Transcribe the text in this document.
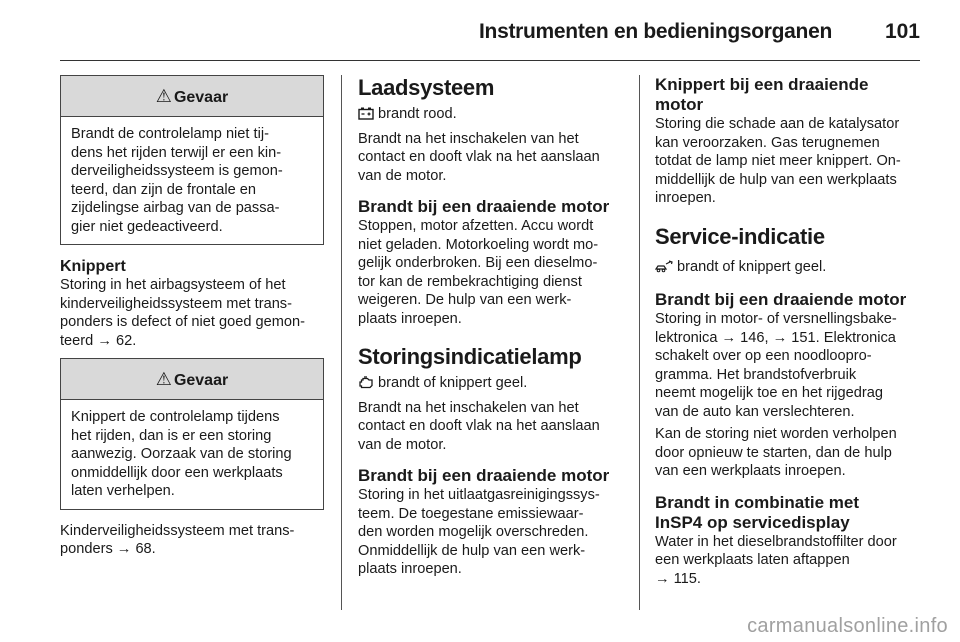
Instrumenten en bedieningsorganen	101
⚠ Gevaar
Brandt de controlelamp niet tij-
dens het rijden terwijl er een kin-
derveiligheidssysteem is gemon-
teerd, dan zijn de frontale en
zijdelingse airbag van de passa-
gier niet gedeactiveerd.

Knippert

Storing in het airbagsysteem of het
kinderveiligheidssysteem met trans-
ponders is defect of niet goed gemon-
teerd → 62.
⚠ Gevaar
Knippert de controlelamp tijdens
het rijden, dan is er een storing
aanwezig. Oorzaak van de storing
onmiddellijk door een werkplaats
laten verhelpen.
Kinderveiligheidssysteem met trans-
ponders → 68.

Laadsysteem

brandt rood.
Brandt na het inschakelen van het
contact en dooft vlak na het aanslaan
van de motor.

Brandt bij een draaiende motor

Stoppen, motor afzetten. Accu wordt
niet geladen. Motorkoeling wordt mo-
gelijk onderbroken. Bij een dieselmo-
tor kan de rembekrachtiging dienst
weigeren. De hulp van een werk-
plaats inroepen.

Storingsindicatielamp

brandt of knippert geel.
Brandt na het inschakelen van het
contact en dooft vlak na het aanslaan
van de motor.

Brandt bij een draaiende motor

Storing in het uitlaatgasreinigingssys-
teem. De toegestane emissiewaar-
den worden mogelijk overschreden.
Onmiddellijk de hulp van een werk-
plaats inroepen.
Knippert bij een draaiende
motor
Storing die schade aan de katalysator
kan veroorzaken. Gas terugnemen
totdat de lamp niet meer knippert. On-
middellijk de hulp van een werkplaats
inroepen.

Service-indicatie

brandt of knippert geel.

Brandt bij een draaiende motor

Storing in motor- of versnellingsbake-
lektronica → 146, → 151. Elektronica
schakelt over op een noodloopro-
gramma. Het brandstofverbruik
neemt mogelijk toe en het rijgedrag
van de auto kan verslechteren.
Kan de storing niet worden verholpen
door opnieuw te starten, dan de hulp
van een werkplaats inroepen.
Brandt in combinatie met
InSP4 op servicedisplay
Water in het dieselbrandstoffilter door
een werkplaats laten aftappen
→ 115.
carmanualsonline.info
